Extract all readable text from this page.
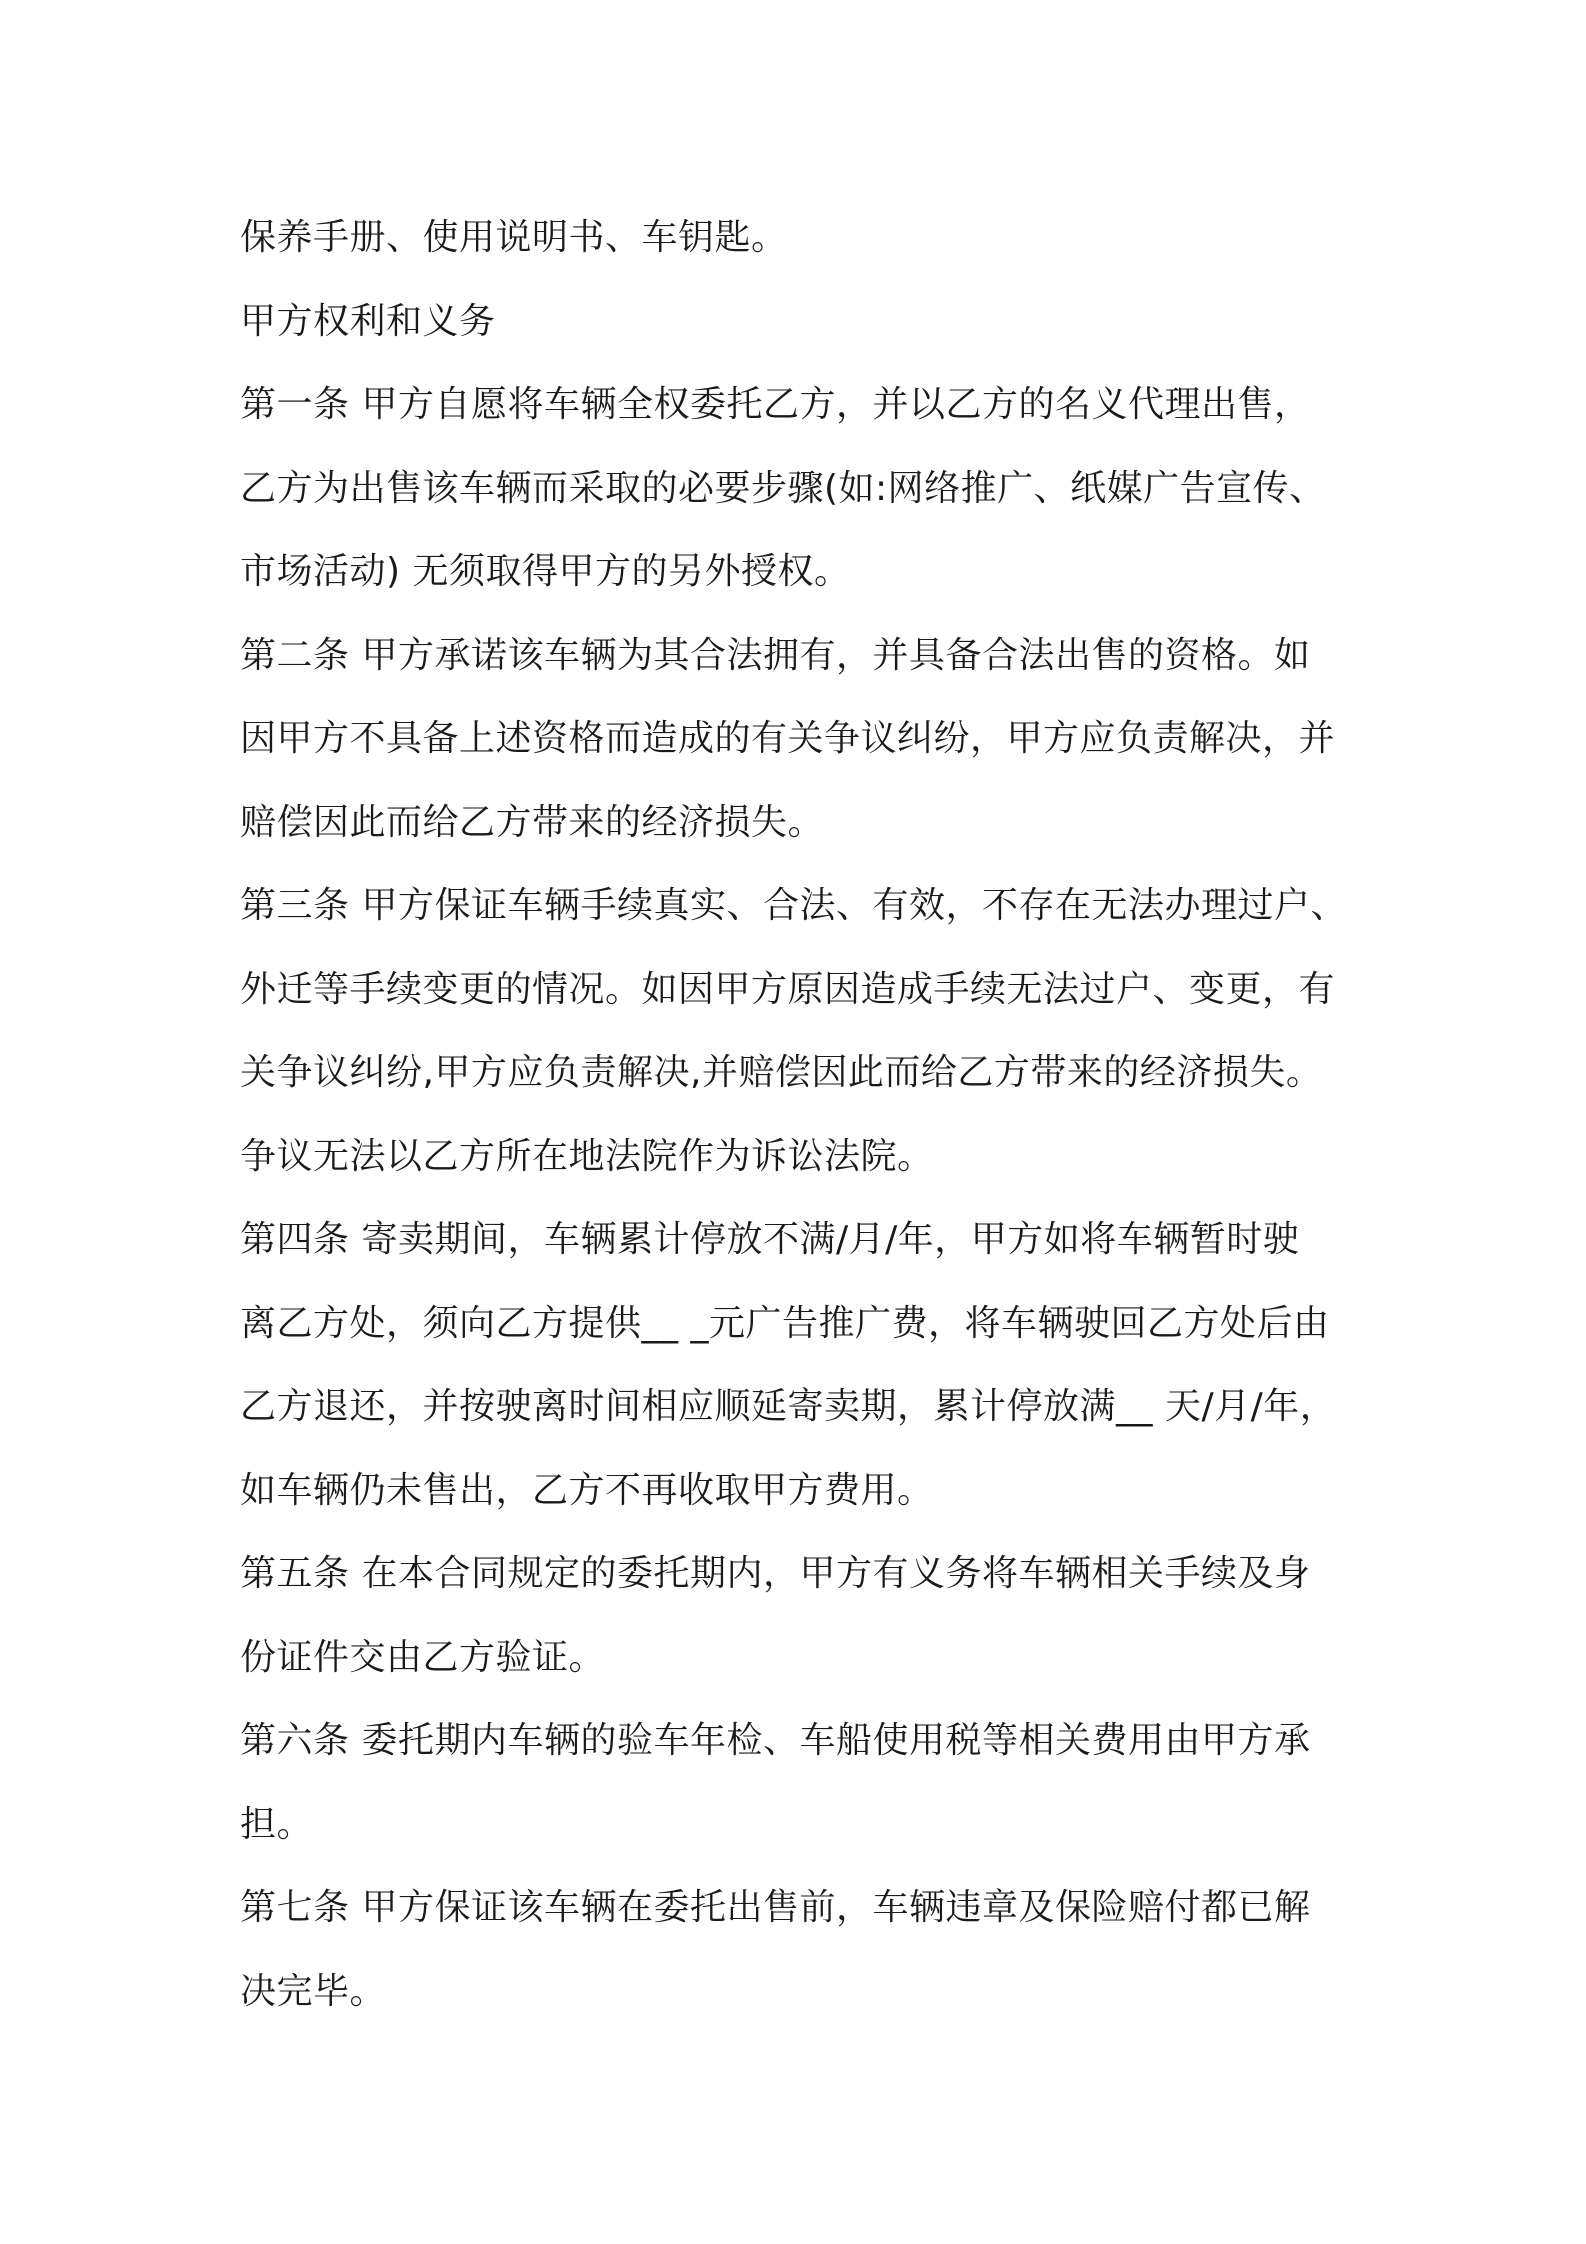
保养手册、使用说明书、车钥匙。
甲方权利和义务
第一条 甲方自愿将车辆全权委托乙方，并以乙方的名义代理出售，
乙方为出售该车辆而采取的必要步骤(如:网络推广、纸媒广告宣传、
市场活动) 无须取得甲方的另外授权。
第二条 甲方承诺该车辆为其合法拥有，并具备合法出售的资格。如
因甲方不具备上述资格而造成的有关争议纠纷，甲方应负责解决，并
赔偿因此而给乙方带来的经济损失。
第三条 甲方保证车辆手续真实、合法、有效，不存在无法办理过户、
外迁等手续变更的情况。如因甲方原因造成手续无法过户、变更，有
关争议纠纷,甲方应负责解决,并赔偿因此而给乙方带来的经济损失。
争议无法以乙方所在地法院作为诉讼法院。
第四条 寄卖期间，车辆累计停放不满/月/年，甲方如将车辆暂时驶
离乙方处，须向乙方提供__ _元广告推广费，将车辆驶回乙方处后由
乙方退还，并按驶离时间相应顺延寄卖期，累计停放满__ 天/月/年，
如车辆仍未售出，乙方不再收取甲方费用。
第五条 在本合同规定的委托期内，甲方有义务将车辆相关手续及身
份证件交由乙方验证。
第六条 委托期内车辆的验车年检、车船使用税等相关费用由甲方承
担。
第七条 甲方保证该车辆在委托出售前，车辆违章及保险赔付都已解
决完毕。
